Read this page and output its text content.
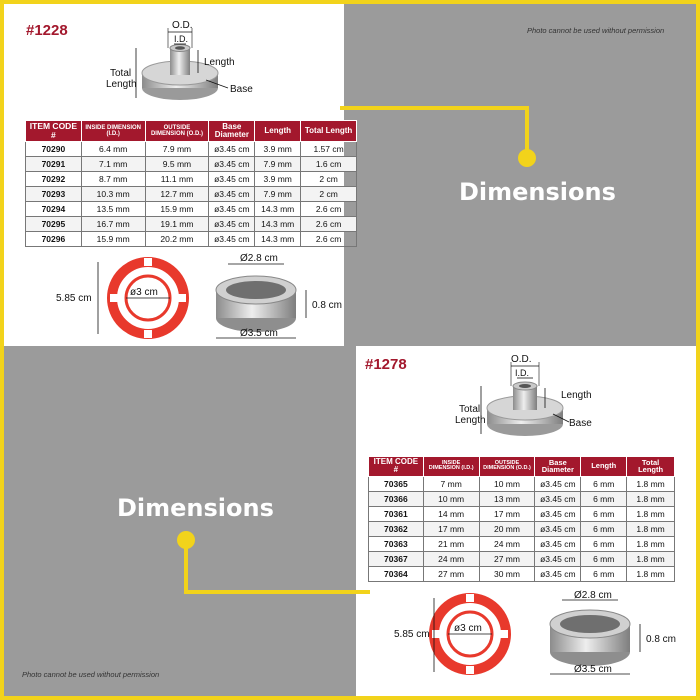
#1228
#1278
Photo cannot be used without permission
Photo cannot be used without permission
Dimensions
Dimensions
O.D.
I.D.
Total
Length
Length
Base
ITEM CODE #	INSIDE DIMENSION (I.D.)	OUTSIDE DIMENSION (O.D.)	Base Diameter	Length	Total Length
70290	6.4 mm	7.9 mm	ø3.45 cm	3.9 mm	1.57 cm
70291	7.1 mm	9.5 mm	ø3.45 cm	7.9 mm	1.6 cm
70292	8.7 mm	11.1 mm	ø3.45 cm	3.9 mm	2 cm
70293	10.3 mm	12.7 mm	ø3.45 cm	7.9 mm	2 cm
70294	13.5 mm	15.9 mm	ø3.45 cm	14.3 mm	2.6 cm
70295	16.7 mm	19.1 mm	ø3.45 cm	14.3 mm	2.6 cm
70296	15.9 mm	20.2 mm	ø3.45 cm	14.3 mm	2.6 cm
5.85 cm
ø3 cm
Ø2.8 cm
0.8 cm
Ø3.5 cm
O.D.
I.D.
Total
Length
Length
Base
ITEM CODE #	INSIDE DIMENSION (I.D.)	OUTSIDE DIMENSION (O.D.)	Base Diameter	Length	Total Length
70365	7 mm	10 mm	ø3.45 cm	6 mm	1.8 mm
70366	10 mm	13 mm	ø3.45 cm	6 mm	1.8 mm
70361	14 mm	17 mm	ø3.45 cm	6 mm	1.8 mm
70362	17 mm	20 mm	ø3.45 cm	6 mm	1.8 mm
70363	21 mm	24 mm	ø3.45 cm	6 mm	1.8 mm
70367	24 mm	27 mm	ø3.45 cm	6 mm	1.8 mm
70364	27 mm	30 mm	ø3.45 cm	6 mm	1.8 mm
5.85 cm
ø3 cm
Ø2.8 cm
0.8 cm
Ø3.5 cm
